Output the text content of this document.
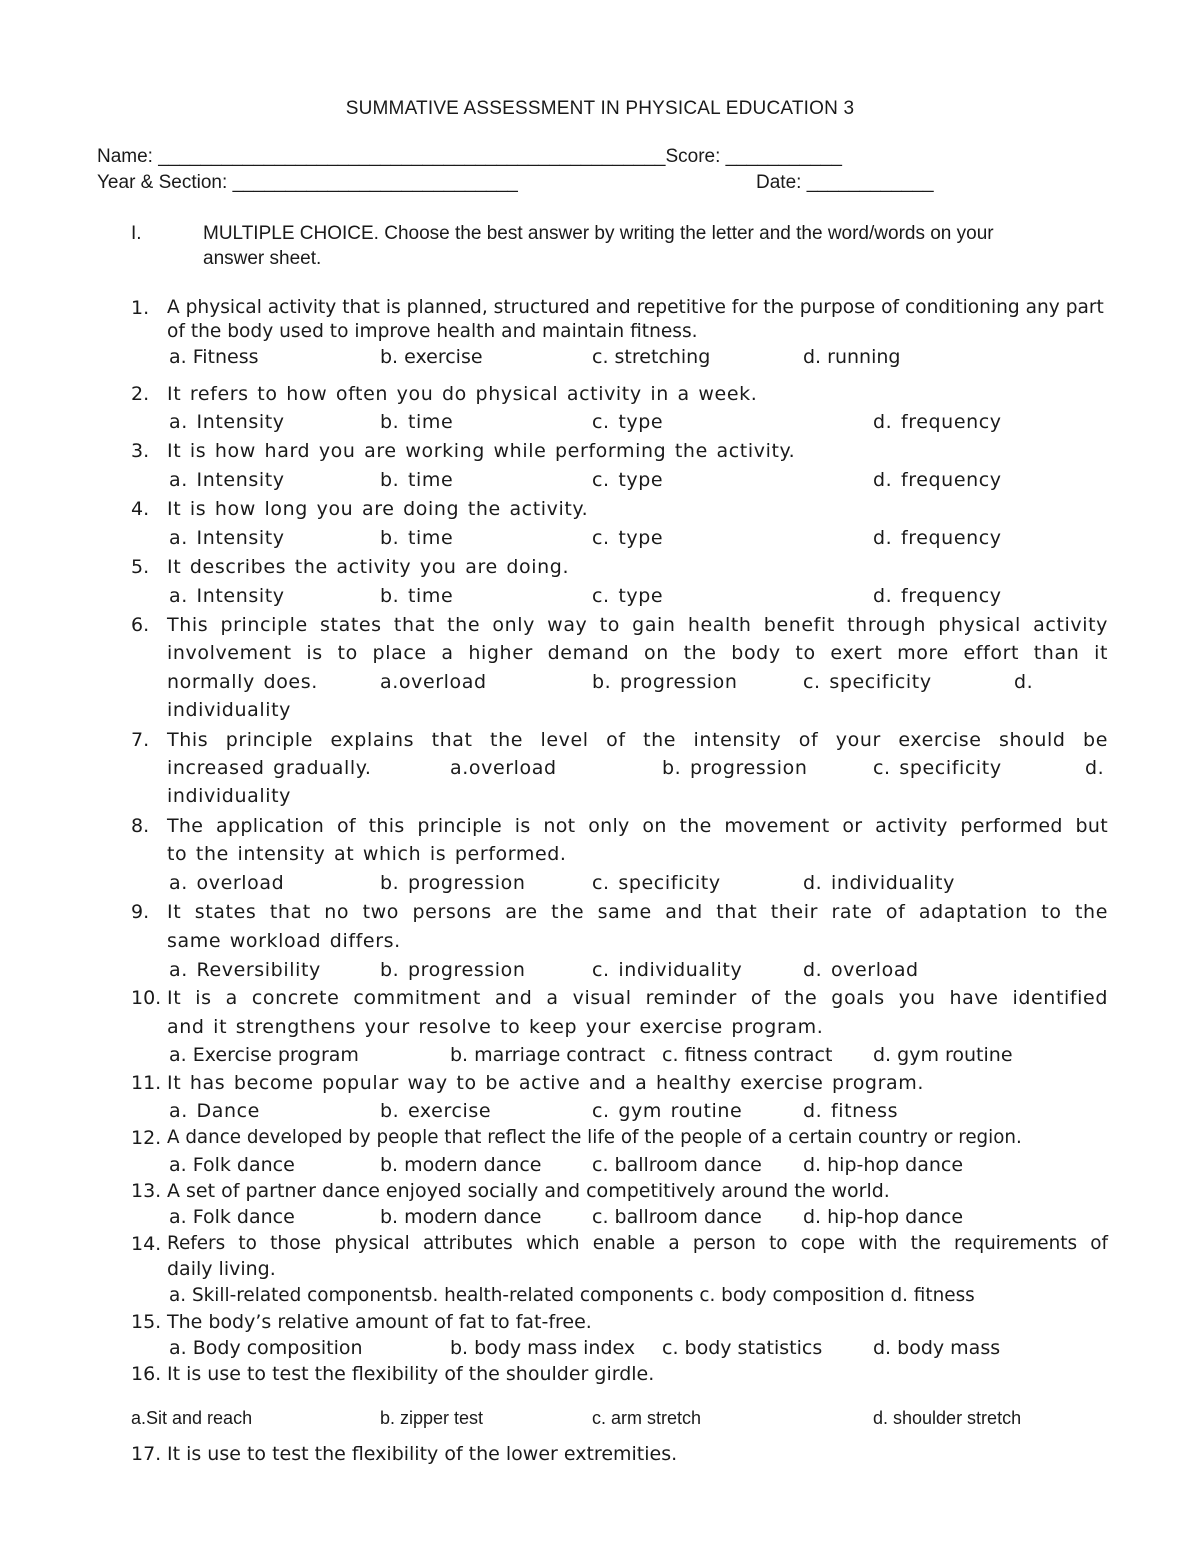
SUMMATIVE ASSESSMENT IN PHYSICAL EDUCATION 3
Name: ________________________________________________Score: ___________
Year & Section: ___________________________	Date: ____________
I.	MULTIPLE CHOICE. Choose the best answer by writing the letter and the word/words on your
answer sheet.
1. A physical activity that is planned, structured and repetitive for the purpose of conditioning any part
of the body used to improve health and maintain fitness.
a. Fitness	b. exercise	c. stretching	d. running
2. It refers to how often you do physical activity in a week.
a. Intensity	b. time	c. type	d. frequency
3. It is how hard you are working while performing the activity.
a. Intensity	b. time	c. type	d. frequency
4. It is how long you are doing the activity.
a. Intensity	b. time	c. type	d. frequency
5. It describes the activity you are doing.
a. Intensity	b. time	c. type	d. frequency
6. This principle states that the only way to gain health benefit through physical activity
involvement is to place a higher demand on the body to exert more effort than it
normally does.	a.overload	b. progression	c. specificity	d.
individuality
7. This principle explains that the level of the intensity of your exercise should be
increased gradually.	a.overload	b. progression	c. specificity	d.
individuality
8. The application of this principle is not only on the movement or activity performed but
to the intensity at which is performed.
a. overload	b. progression	c. specificity	d. individuality
9. It states that no two persons are the same and that their rate of adaptation to the
same workload differs.
a. Reversibility	b. progression	c. individuality	d. overload
10. It is a concrete commitment and a visual reminder of the goals you have identified
and it strengthens your resolve to keep your exercise program.
a. Exercise program	b. marriage contract c. fitness contract d. gym routine
11. It has become popular way to be active and a healthy exercise program.
a. Dance	b. exercise	c. gym routine	d. fitness
12. A dance developed by people that reflect the life of the people of a certain country or region.
a. Folk dance	b. modern dance	c. ballroom dance d. hip-hop dance
13. A set of partner dance enjoyed socially and competitively around the world.
a. Folk dance	b. modern dance	c. ballroom dance d. hip-hop dance
14. Refers to those physical attributes which enable a person to cope with the requirements of
daily living.
a. Skill-related componentsb. health-related components c. body composition d. fitness
15. The body’s relative amount of fat to fat-free.
a. Body composition	b. body mass index c. body statistics	d. body mass
16. It is use to test the flexibility of the shoulder girdle.
a.Sit and reach	b. zipper test	c. arm stretch	d. shoulder stretch
17. It is use to test the flexibility of the lower extremities.
